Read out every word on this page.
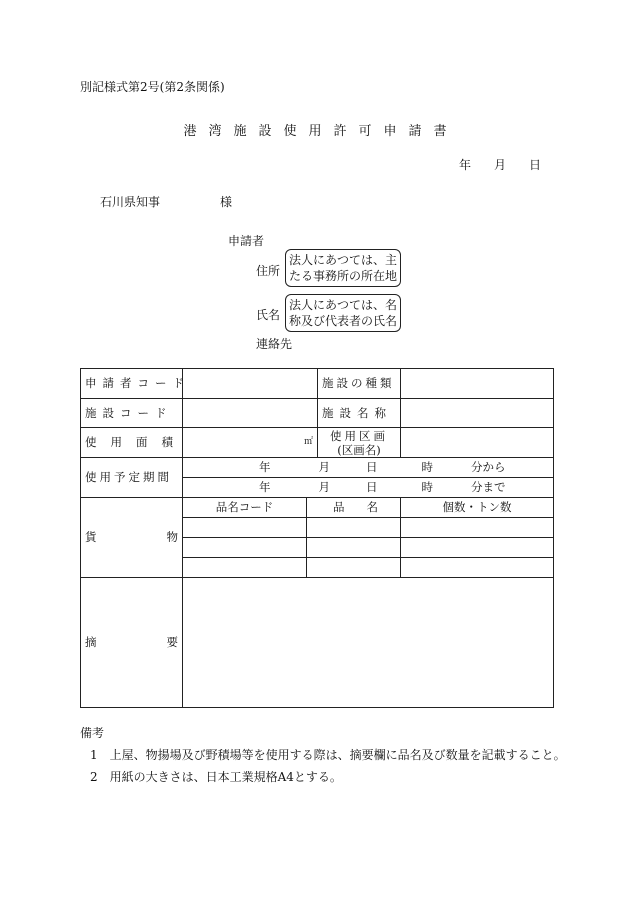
別記様式第2号(第2条関係)
港湾施設使用許可申請書
年 月 日
石川県知事	様
申請者
住所
法人にあつては、主
たる事務所の所在地
氏名
法人にあつては、名
称及び代表者の氏名
連絡先
申請者コード			施設の種類	
施設コード			施設名称	
使用面積	㎡		使用区画
(区画名)	

使用予定期間	年 月 日 時 分から			
	年 月 日 時 分まで			

貨物	品名コード	品名		個数・トン数

摘要				
備考
1　上屋、物揚場及び野積場等を使用する際は、摘要欄に品名及び数量を記載すること。
2　用紙の大きさは、日本工業規格A4とする。
